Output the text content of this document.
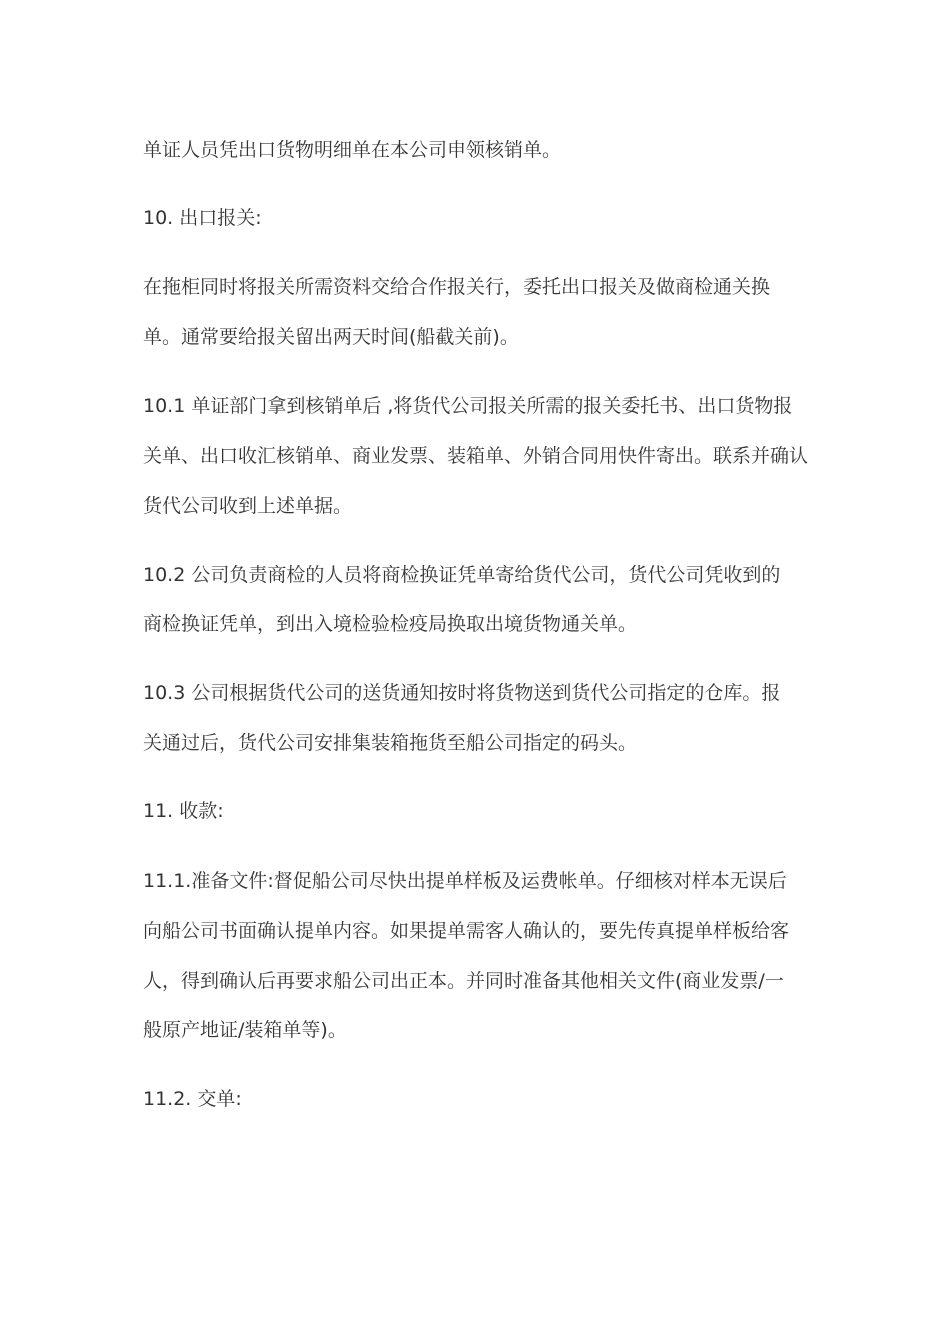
单证人员凭出口货物明细单在本公司申领核销单。
10. 出口报关:
在拖柜同时将报关所需资料交给合作报关行，委托出口报关及做商检通关换
单。通常要给报关留出两天时间(船截关前)。
10.1 单证部门拿到核销单后 ,将货代公司报关所需的报关委托书、出口货物报
关单、出口收汇核销单、商业发票、装箱单、外销合同用快件寄出。联系并确认
货代公司收到上述单据。
10.2 公司负责商检的人员将商检换证凭单寄给货代公司，货代公司凭收到的
商检换证凭单，到出入境检验检疫局换取出境货物通关单。
10.3 公司根据货代公司的送货通知按时将货物送到货代公司指定的仓库。报
关通过后，货代公司安排集装箱拖货至船公司指定的码头。
11. 收款:
11.1.准备文件:督促船公司尽快出提单样板及运费帐单。仔细核对样本无误后
向船公司书面确认提单内容。如果提单需客人确认的，要先传真提单样板给客
人，得到确认后再要求船公司出正本。并同时准备其他相关文件(商业发票/一
般原产地证/装箱单等)。
11.2. 交单:
